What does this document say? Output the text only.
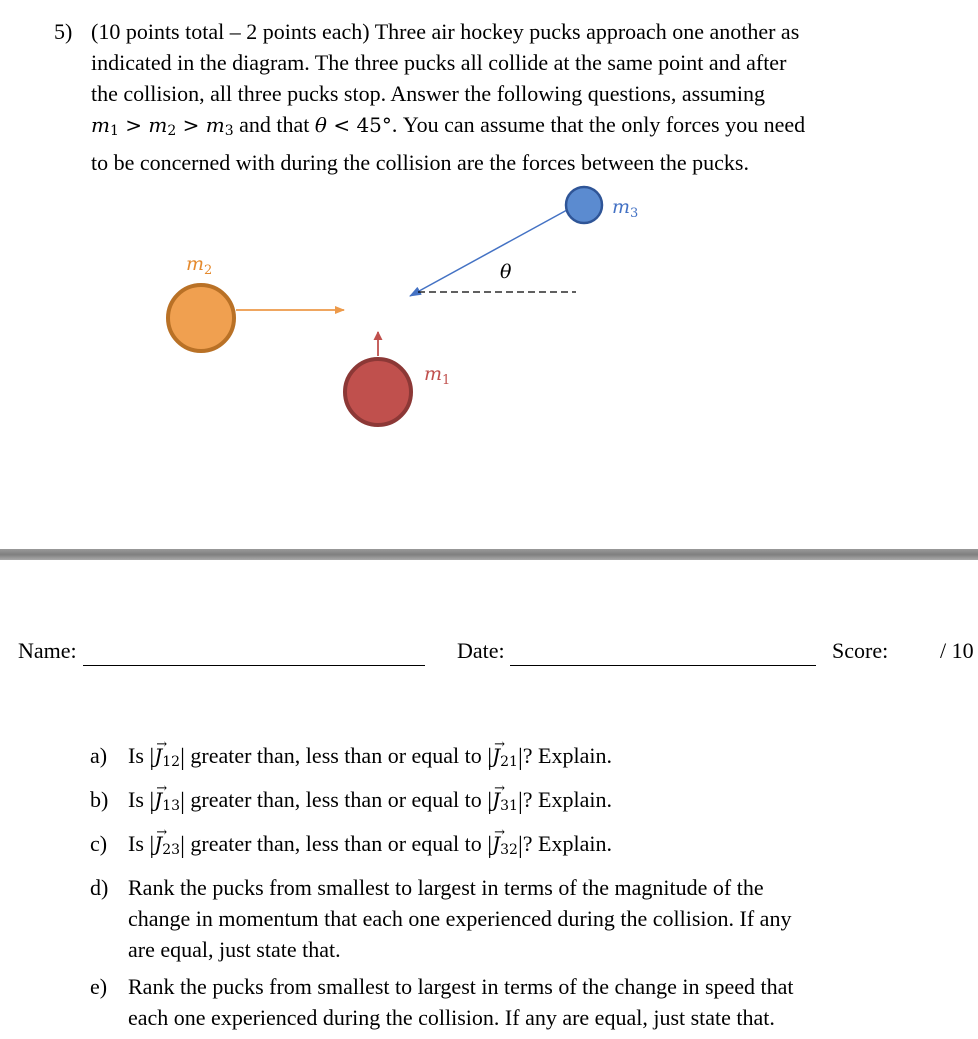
5) (10 points total – 2 points each) Three air hockey pucks approach one another as

indicated in the diagram. The three pucks all collide at the same point and after

the collision, all three pucks stop. Answer the following questions, assuming

$m_1 > m_2 > m_3$ and that θ < 45°. You can assume that the only forces you need

to be concerned with during the collision are the forces between the pucks.

$m_3$
$m_2$
$m_1$
θ
Name:	Date:	Score: / 10
a) Is |
→
$J_{12}|$ greater than, less than or equal to |
→
$J_{21}|$? Explain.
b) Is |
→
$J_{13}|$ greater than, less than or equal to |
→
$J_{31}|$? Explain.
c) Is |
→
$J_{23}|$ greater than, less than or equal to |
→
$J_{32}|$? Explain.
d) Rank the pucks from smallest to largest in terms of the magnitude of the
change in momentum that each one experienced during the collision. If any
are equal, just state that.
e) Rank the pucks from smallest to largest in terms of the change in speed that
each one experienced during the collision. If any are equal, just state that.
